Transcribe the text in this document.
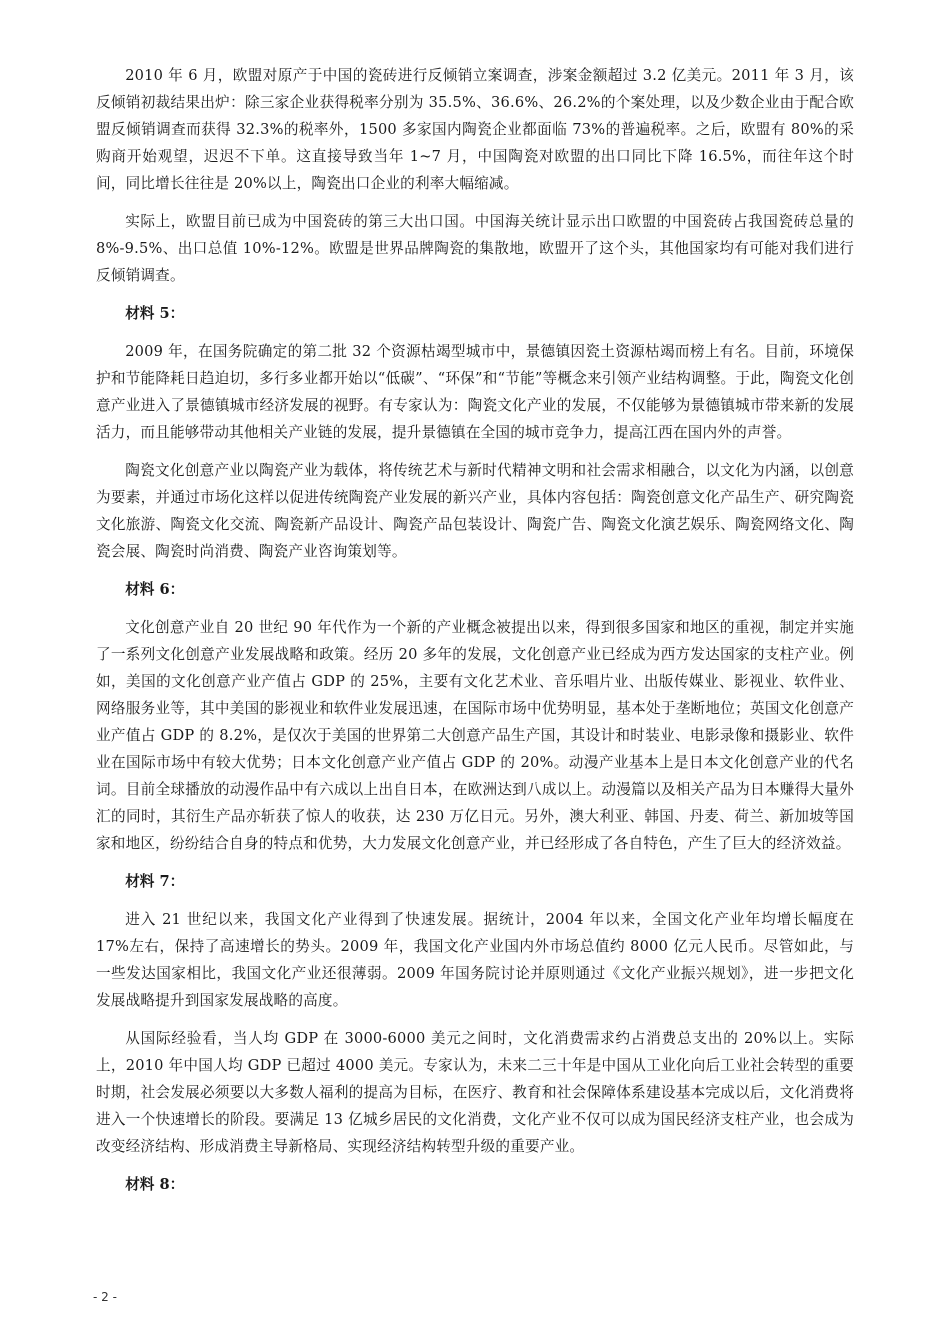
2010 年 6 月，欧盟对原产于中国的瓷砖进行反倾销立案调查，涉案金额超过 3.2 亿美元。2011 年 3 月，该反倾销初裁结果出炉：除三家企业获得税率分别为 35.5%、36.6%、26.2%的个案处理，以及少数企业由于配合欧盟反倾销调查而获得 32.3%的税率外，1500 多家国内陶瓷企业都面临 73%的普遍税率。之后，欧盟有 80%的采购商开始观望，迟迟不下单。这直接导致当年 1~7 月，中国陶瓷对欧盟的出口同比下降 16.5%，而往年这个时间，同比增长往往是 20%以上，陶瓷出口企业的利率大幅缩减。

实际上，欧盟目前已成为中国瓷砖的第三大出口国。中国海关统计显示出口欧盟的中国瓷砖占我国瓷砖总量的 8%-9.5%、出口总值 10%-12%。欧盟是世界品牌陶瓷的集散地，欧盟开了这个头，其他国家均有可能对我们进行反倾销调查。

材料 5：

2009 年，在国务院确定的第二批 32 个资源枯竭型城市中，景德镇因瓷土资源枯竭而榜上有名。目前，环境保护和节能降耗日趋迫切，多行多业都开始以“低碳”、“环保”和“节能”等概念来引领产业结构调整。于此，陶瓷文化创意产业进入了景德镇城市经济发展的视野。有专家认为：陶瓷文化产业的发展，不仅能够为景德镇城市带来新的发展活力，而且能够带动其他相关产业链的发展，提升景德镇在全国的城市竞争力，提高江西在国内外的声誉。

陶瓷文化创意产业以陶瓷产业为载体，将传统艺术与新时代精神文明和社会需求相融合，以文化为内涵，以创意为要素，并通过市场化这样以促进传统陶瓷产业发展的新兴产业，具体内容包括：陶瓷创意文化产品生产、研究陶瓷文化旅游、陶瓷文化交流、陶瓷新产品设计、陶瓷产品包装设计、陶瓷广告、陶瓷文化演艺娱乐、陶瓷网络文化、陶瓷会展、陶瓷时尚消费、陶瓷产业咨询策划等。

材料 6：

文化创意产业自 20 世纪 90 年代作为一个新的产业概念被提出以来，得到很多国家和地区的重视，制定并实施了一系列文化创意产业发展战略和政策。经历 20 多年的发展，文化创意产业已经成为西方发达国家的支柱产业。例如，美国的文化创意产业产值占 GDP 的 25%，主要有文化艺术业、音乐唱片业、出版传媒业、影视业、软件业、网络服务业等，其中美国的影视业和软件业发展迅速，在国际市场中优势明显，基本处于垄断地位；英国文化创意产业产值占 GDP 的 8.2%，是仅次于美国的世界第二大创意产品生产国，其设计和时装业、电影录像和摄影业、软件业在国际市场中有较大优势；日本文化创意产业产值占 GDP 的 20%。动漫产业基本上是日本文化创意产业的代名词。目前全球播放的动漫作品中有六成以上出自日本，在欧洲达到八成以上。动漫篇以及相关产品为日本赚得大量外汇的同时，其衍生产品亦斩获了惊人的收获，达 230 万亿日元。另外，澳大利亚、韩国、丹麦、荷兰、新加坡等国家和地区，纷纷结合自身的特点和优势，大力发展文化创意产业，并已经形成了各自特色，产生了巨大的经济效益。

材料 7：

进入 21 世纪以来，我国文化产业得到了快速发展。据统计，2004 年以来，全国文化产业年均增长幅度在 17%左右，保持了高速增长的势头。2009 年，我国文化产业国内外市场总值约 8000 亿元人民币。尽管如此，与一些发达国家相比，我国文化产业还很薄弱。2009 年国务院讨论并原则通过《文化产业振兴规划》，进一步把文化发展战略提升到国家发展战略的高度。

从国际经验看，当人均 GDP 在 3000-6000 美元之间时，文化消费需求约占消费总支出的 20%以上。实际上，2010 年中国人均 GDP 已超过 4000 美元。专家认为，未来二三十年是中国从工业化向后工业社会转型的重要时期，社会发展必须要以大多数人福利的提高为目标，在医疗、教育和社会保障体系建设基本完成以后，文化消费将进入一个快速增长的阶段。要满足 13 亿城乡居民的文化消费，文化产业不仅可以成为国民经济支柱产业，也会成为改变经济结构、形成消费主导新格局、实现经济结构转型升级的重要产业。

材料 8：
- 2 -
